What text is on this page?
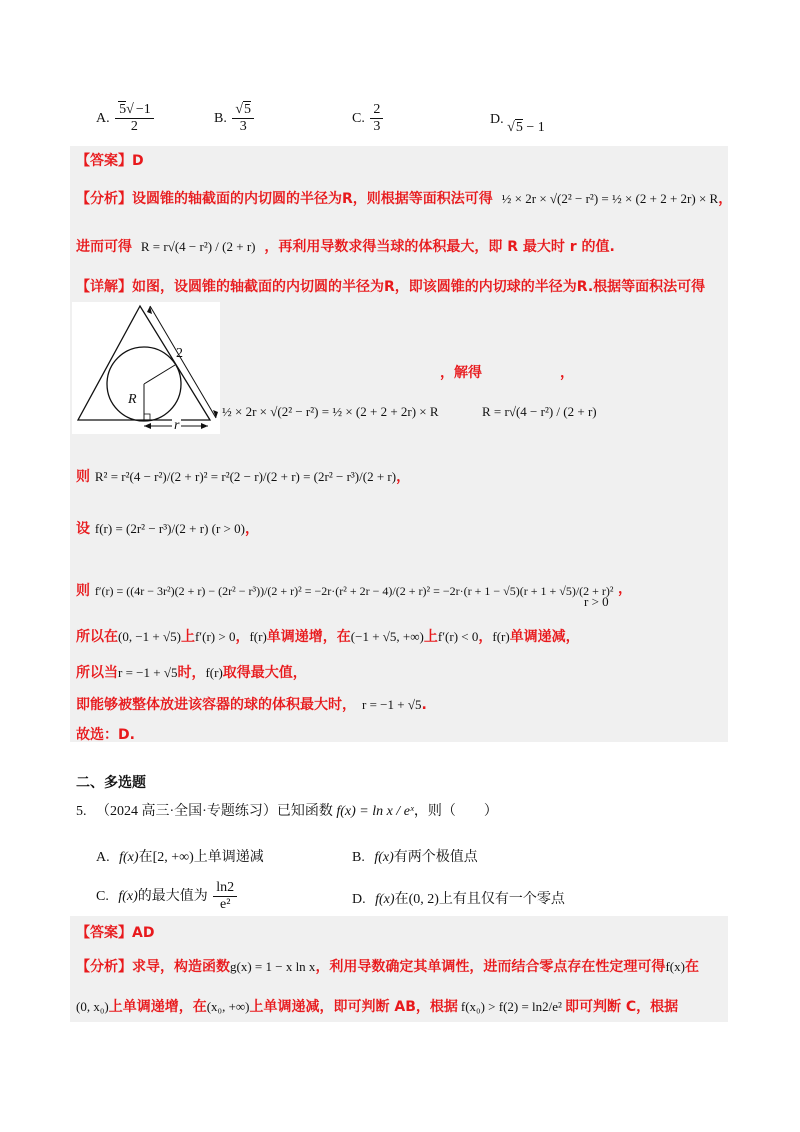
A. $\frac{5√ -1}{2}$	B. $\frac{√5}{3}$	C. $\frac{2}{3}$	D. √5 − 1
【答案】D
【分析】设圆锥的轴截面的内切圆的半径为R，则根据等面积法可得 ½ × 2r × √(2² − r²) = ½ × (2 + 2 + 2r) × R，
进而可得 R = r√(4 − r²) / (2 + r) ，再利用导数求得当球的体积最大，即 R 最大时 r 的值.
【详解】如图，设圆锥的轴截面的内切圆的半径为R，即该圆锥的内切球的半径为R.根据等面积法可得
2
R
r
，解得	，
½ × 2r × √(2² − r²) = ½ × (2 + 2 + 2r) × R	R = r√(4 − r²) / (2 + r)
则 R² = r²(4 − r²)/(2 + r)² = r²(2 − r)/(2 + r) = (2r² − r³)/(2 + r)，
设 f(r) = (2r² − r³)/(2 + r) (r > 0)，
则 f′(r) = ((4r − 3r²)(2 + r) − (2r² − r³))/(2 + r)² = −2r·(r² + 2r − 4)/(2 + r)² = −2r·(r + 1 − √5)(r + 1 + √5)/(2 + r)²
r > 0
，
所以在(0, −1 + √5)上f′(r) > 0，f(r)单调递增，在(−1 + √5, +∞)上f′(r) < 0，f(r)单调递减，
所以当r = −1 + √5时，f(r)取得最大值，
即能够被整体放进该容器的球的体积最大时， r = −1 + √5.
故选：D.
二、多选题
5. （2024 高三·全国·专题练习）已知函数 f(x) = ln x / eˣ，则（　　）
A. f(x)在[2, +∞)上单调递减	B. f(x)有两个极值点
C. f(x)的最大值为 $\frac{\ln 2}{\text{e²}}$	D. f(x)在(0, 2)上有且仅有一个零点
【答案】AD
【分析】求导，构造函数g(x) = 1 − x ln x，利用导数确定其单调性，进而结合零点存在性定理可得f(x)在
(0, x₀)上单调递增，在(x₀, +∞)上单调递减，即可判断 AB，根据 f(x₀) > f(2) = ln2/e² 即可判断 C，根据
